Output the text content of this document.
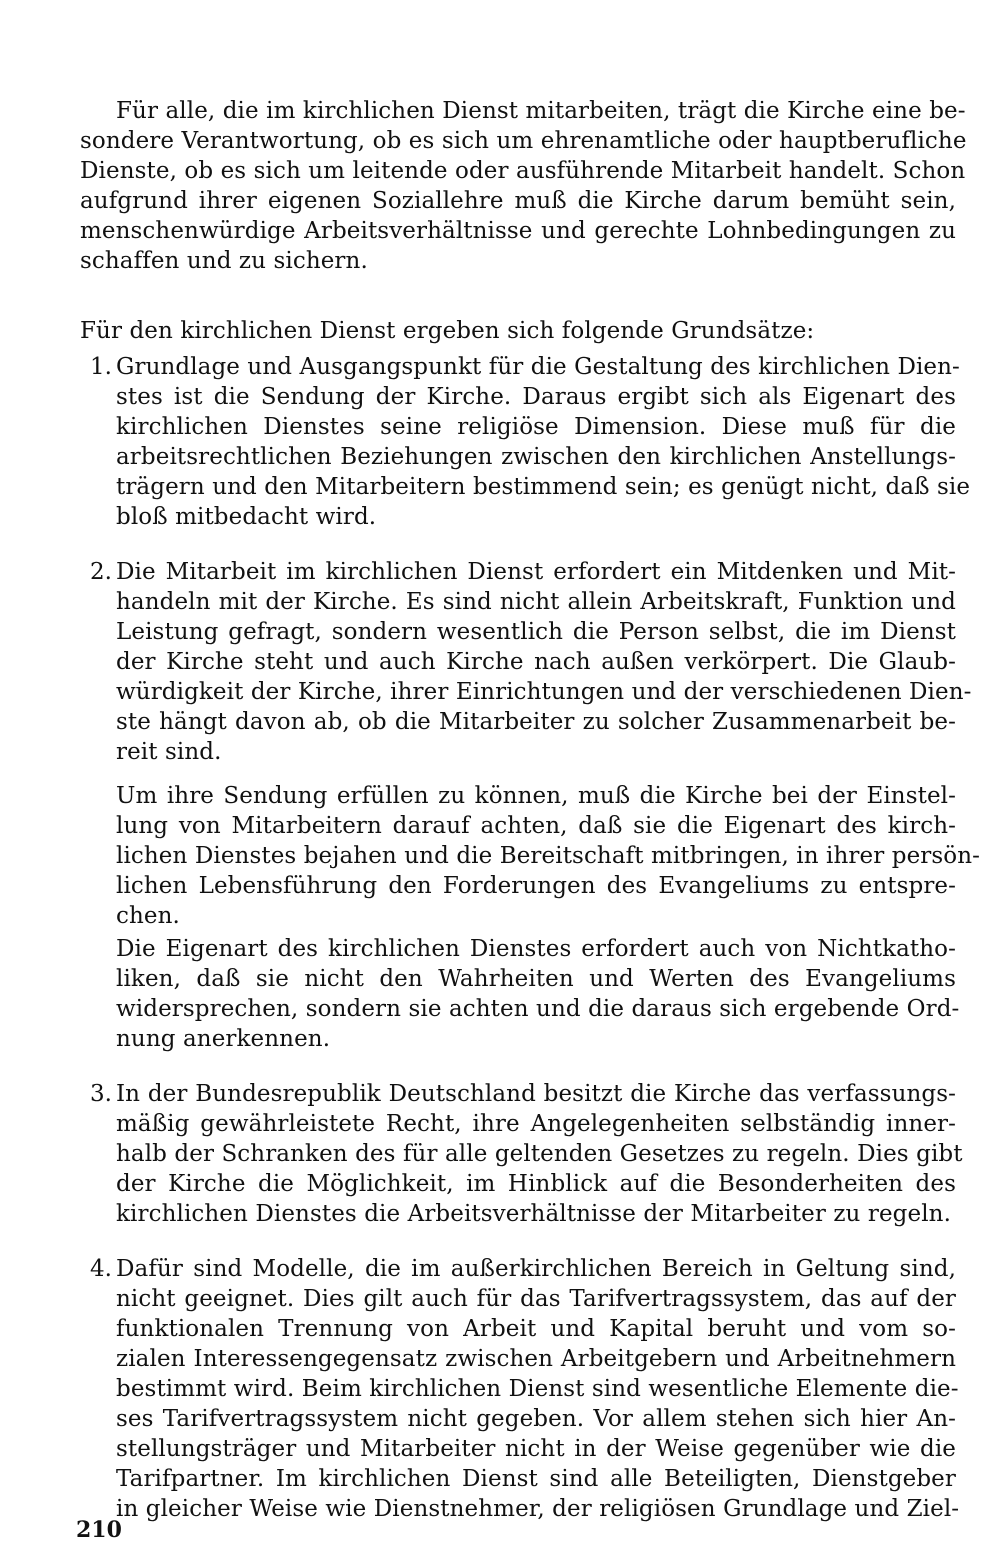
Für alle, die im kirchlichen Dienst mitarbeiten, trägt die Kirche eine be-
sondere Verantwortung, ob es sich um ehrenamtliche oder hauptberufliche
Dienste, ob es sich um leitende oder ausführende Mitarbeit handelt. Schon
aufgrund ihrer eigenen Soziallehre muß die Kirche darum bemüht sein,
menschenwürdige Arbeitsverhältnisse und gerechte Lohnbedingungen zu
schaffen und zu sichern.
Für den kirchlichen Dienst ergeben sich folgende Grundsätze:
1. Grundlage und Ausgangspunkt für die Gestaltung des kirchlichen Dien-
stes ist die Sendung der Kirche. Daraus ergibt sich als Eigenart des
kirchlichen Dienstes seine religiöse Dimension. Diese muß für die
arbeitsrechtlichen Beziehungen zwischen den kirchlichen Anstellungs-
trägern und den Mitarbeitern bestimmend sein; es genügt nicht, daß sie
bloß mitbedacht wird.
2. Die Mitarbeit im kirchlichen Dienst erfordert ein Mitdenken und Mit-
handeln mit der Kirche. Es sind nicht allein Arbeitskraft, Funktion und
Leistung gefragt, sondern wesentlich die Person selbst, die im Dienst
der Kirche steht und auch Kirche nach außen verkörpert. Die Glaub-
würdigkeit der Kirche, ihrer Einrichtungen und der verschiedenen Dien-
ste hängt davon ab, ob die Mitarbeiter zu solcher Zusammenarbeit be-
reit sind.
Um ihre Sendung erfüllen zu können, muß die Kirche bei der Einstel-
lung von Mitarbeitern darauf achten, daß sie die Eigenart des kirch-
lichen Dienstes bejahen und die Bereitschaft mitbringen, in ihrer persön-
lichen Lebensführung den Forderungen des Evangeliums zu entspre-
chen.
Die Eigenart des kirchlichen Dienstes erfordert auch von Nichtkatho-
liken, daß sie nicht den Wahrheiten und Werten des Evangeliums
widersprechen, sondern sie achten und die daraus sich ergebende Ord-
nung anerkennen.
3. In der Bundesrepublik Deutschland besitzt die Kirche das verfassungs-
mäßig gewährleistete Recht, ihre Angelegenheiten selbständig inner-
halb der Schranken des für alle geltenden Gesetzes zu regeln. Dies gibt
der Kirche die Möglichkeit, im Hinblick auf die Besonderheiten des
kirchlichen Dienstes die Arbeitsverhältnisse der Mitarbeiter zu regeln.
4. Dafür sind Modelle, die im außerkirchlichen Bereich in Geltung sind,
nicht geeignet. Dies gilt auch für das Tarifvertragssystem, das auf der
funktionalen Trennung von Arbeit und Kapital beruht und vom so-
zialen Interessengegensatz zwischen Arbeitgebern und Arbeitnehmern
bestimmt wird. Beim kirchlichen Dienst sind wesentliche Elemente die-
ses Tarifvertragssystem nicht gegeben. Vor allem stehen sich hier An-
stellungsträger und Mitarbeiter nicht in der Weise gegenüber wie die
Tarifpartner. Im kirchlichen Dienst sind alle Beteiligten, Dienstgeber
in gleicher Weise wie Dienstnehmer, der religiösen Grundlage und Ziel-
210
